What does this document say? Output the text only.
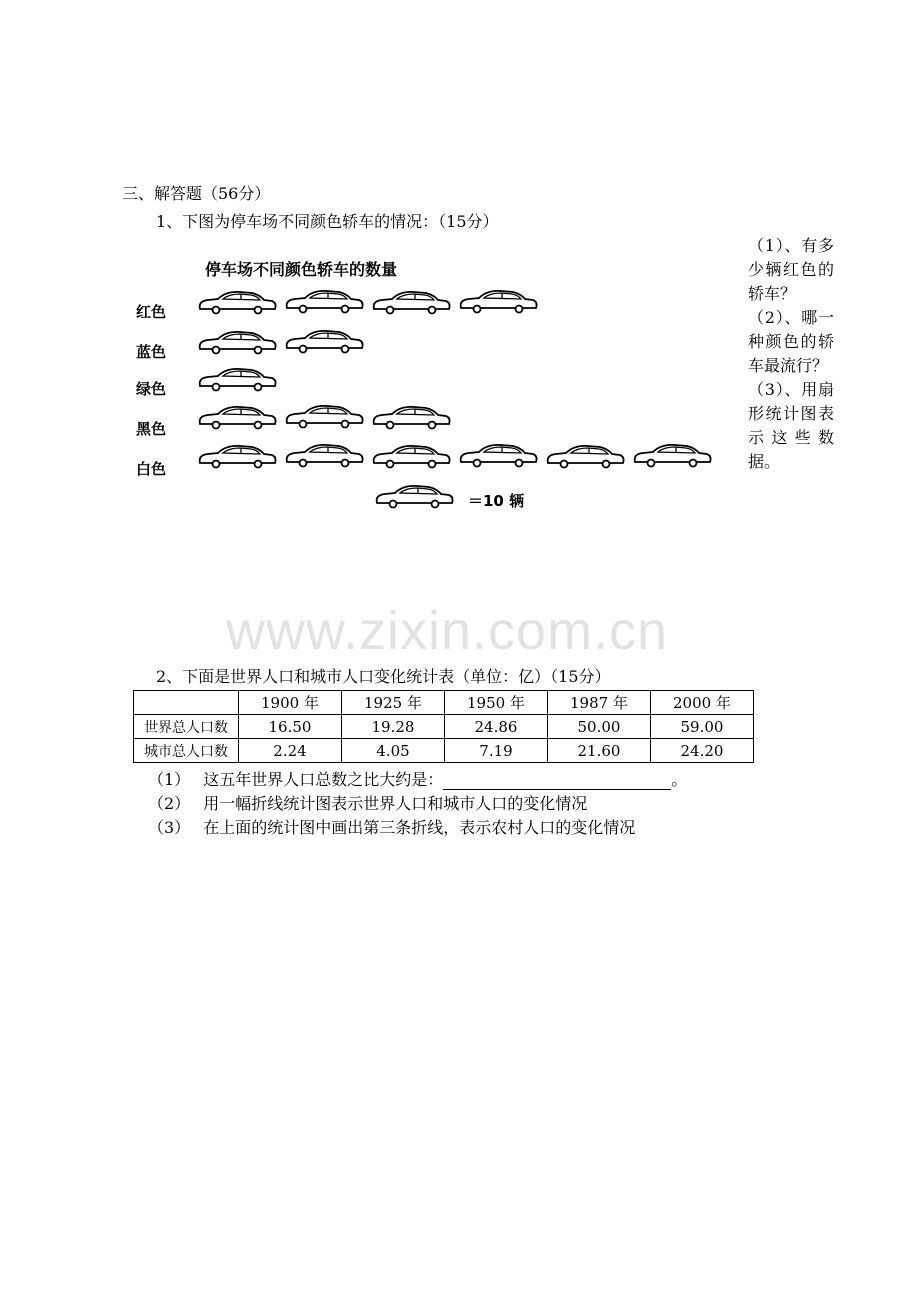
三、解答题（56分）
1、下图为停车场不同颜色轿车的情况：（15分）
停车场不同颜色轿车的数量
红色
蓝色
绿色
黑色
白色
＝10 辆
（1）、有多少辆红色的轿车？
（2）、哪一种颜色的轿车最流行？
（3）、用扇形统计图表示这些数据。
www.zixin.com.cn
2、下面是世界人口和城市人口变化统计表（单位：亿）（15分）
	1900 年	1925 年	1950 年	1987 年	2000 年
世界总人口数	16.50	19.28	24.86	50.00	59.00
城市总人口数	2.24	4.05	7.19	21.60	24.20
（1） 这五年世界人口总数之比大约是：	。
（2） 用一幅折线统计图表示世界人口和城市人口的变化情况
（3） 在上面的统计图中画出第三条折线，表示农村人口的变化情况
